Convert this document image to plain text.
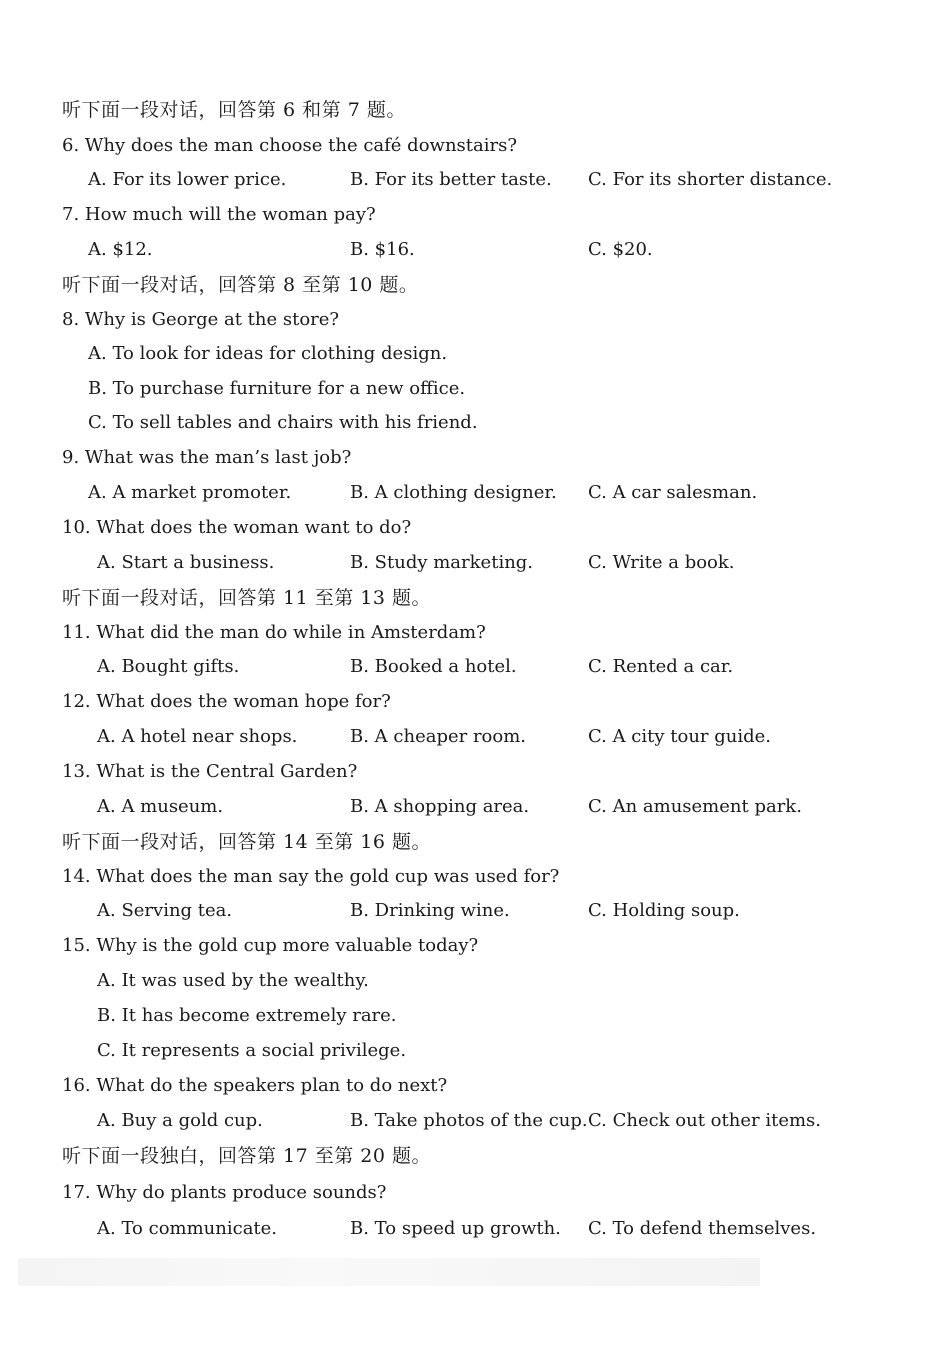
听下面一段对话，回答第 6 和第 7 题。
6. Why does the man choose the café downstairs?
A. For its lower price.	B. For its better taste. C. For its shorter distance.
7. How much will the woman pay?
A. $12.	B. $16.	C. $20.
听下面一段对话，回答第 8 至第 10 题。
8. Why is George at the store?
A. To look for ideas for clothing design.
B. To purchase furniture for a new office.
C. To sell tables and chairs with his friend.
9. What was the man’s last job?
A. A market promoter.	B. A clothing designer. C. A car salesman.
10. What does the woman want to do?
A. Start a business.	B. Study marketing.	C. Write a book.
听下面一段对话，回答第 11 至第 13 题。
11. What did the man do while in Amsterdam?
A. Bought gifts.	B. Booked a hotel.	C. Rented a car.
12. What does the woman hope for?
A. A hotel near shops.	B. A cheaper room.	C. A city tour guide.
13. What is the Central Garden?
A. A museum.	B. A shopping area.	C. An amusement park.
听下面一段对话，回答第 14 至第 16 题。
14. What does the man say the gold cup was used for?
A. Serving tea.	B. Drinking wine.	C. Holding soup.
15. Why is the gold cup more valuable today?
A. It was used by the wealthy.
B. It has become extremely rare.
C. It represents a social privilege.
16. What do the speakers plan to do next?
A. Buy a gold cup.	B. Take photos of the cup. C. Check out other items.
听下面一段独白，回答第 17 至第 20 题。
17. Why do plants produce sounds?
A. To communicate.	B. To speed up growth. C. To defend themselves.
